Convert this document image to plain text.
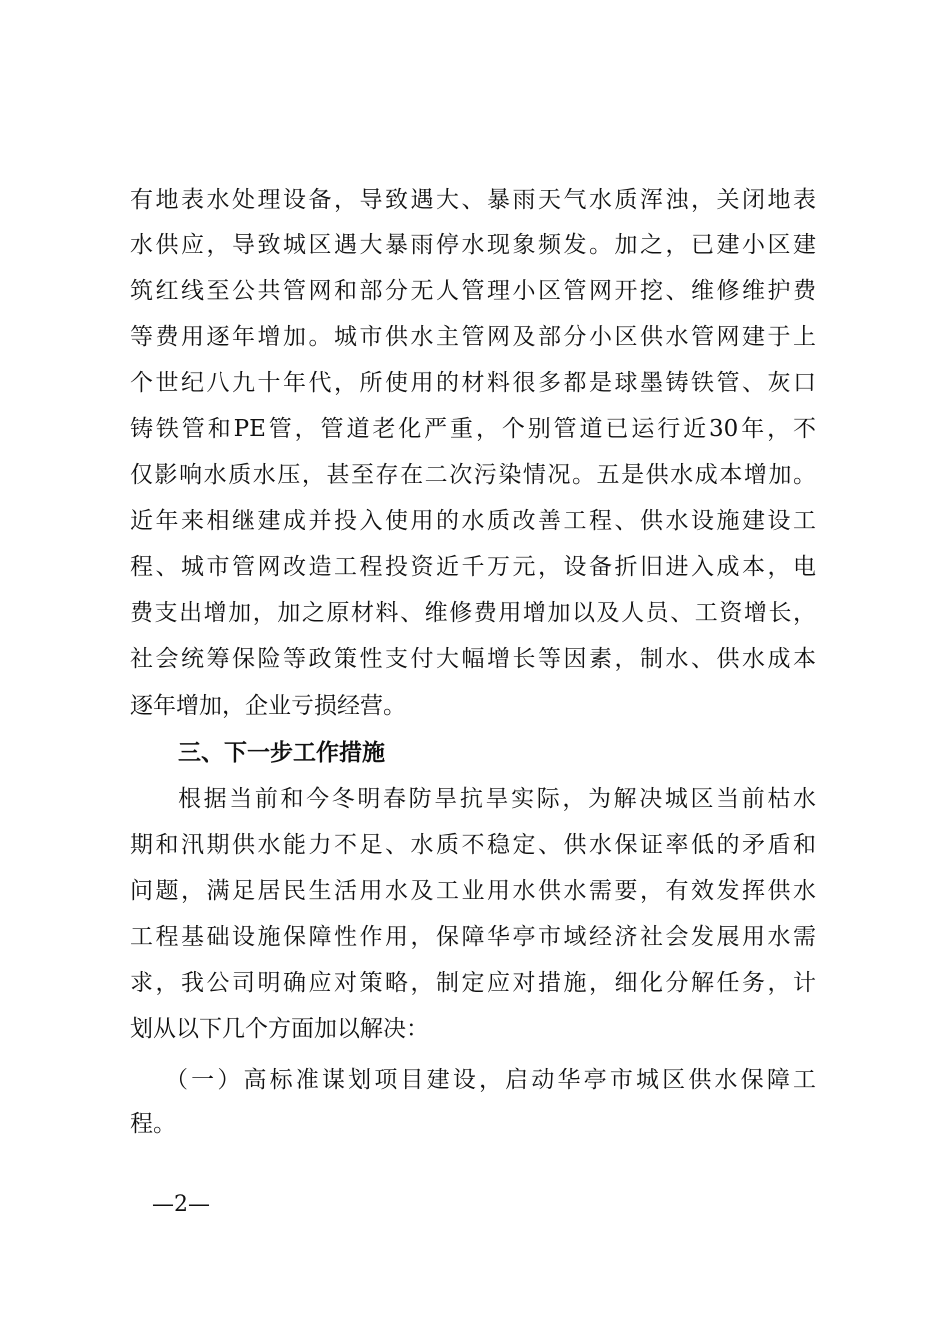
有地表水处理设备，导致遇大、暴雨天气水质浑浊，关闭地表
水供应，导致城区遇大暴雨停水现象频发。加之，已建小区建
筑红线至公共管网和部分无人管理小区管网开挖、维修维护费
等费用逐年增加。城市供水主管网及部分小区供水管网建于上
个世纪八九十年代，所使用的材料很多都是球墨铸铁管、灰口
铸铁管和PE管，管道老化严重，个别管道已运行近30年，不
仅影响水质水压，甚至存在二次污染情况。五是供水成本增加。
近年来相继建成并投入使用的水质改善工程、供水设施建设工
程、城市管网改造工程投资近千万元，设备折旧进入成本，电
费支出增加，加之原材料、维修费用增加以及人员、工资增长，
社会统筹保险等政策性支付大幅增长等因素，制水、供水成本
逐年增加，企业亏损经营。
三、下一步工作措施
根据当前和今冬明春防旱抗旱实际，为解决城区当前枯水
期和汛期供水能力不足、水质不稳定、供水保证率低的矛盾和
问题，满足居民生活用水及工业用水供水需要，有效发挥供水
工程基础设施保障性作用，保障华亭市域经济社会发展用水需
求，我公司明确应对策略，制定应对措施，细化分解任务，计
划从以下几个方面加以解决：
（一）高标准谋划项目建设，启动华亭市城区供水保障工
程。
—2—
